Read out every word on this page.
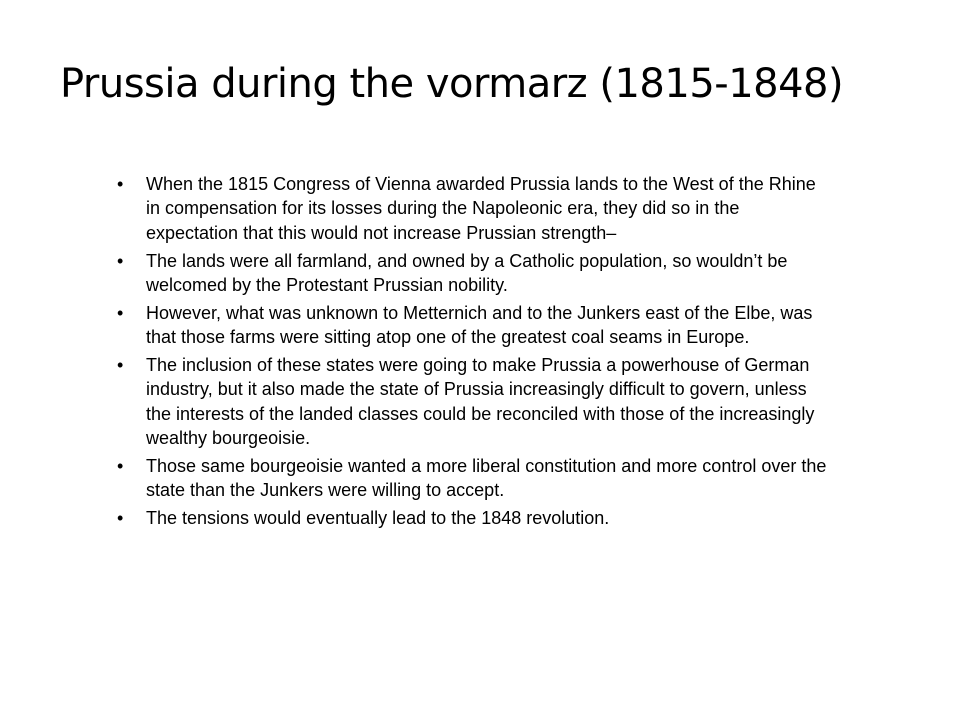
Prussia during the vormarz (1815-1848)
•	When the 1815 Congress of Vienna awarded Prussia lands to the West of the Rhine in compensation for its losses during the Napoleonic era, they did so in the expectation that this would not increase Prussian strength–
•	The lands were all farmland, and owned by a Catholic population, so wouldn’t be welcomed by the Protestant Prussian nobility.
•	However, what was unknown to Metternich and to the Junkers east of the Elbe, was that those farms were sitting atop one of the greatest coal seams in Europe.
•	The inclusion of these states were going to make Prussia a powerhouse of German industry, but it also made the state of Prussia increasingly difficult to govern, unless the interests of the landed classes could be reconciled with those of the increasingly wealthy bourgeoisie.
•	Those same bourgeoisie wanted a more liberal constitution and more control over the state than the Junkers were willing to accept.
•	The tensions would eventually lead to the 1848 revolution.
